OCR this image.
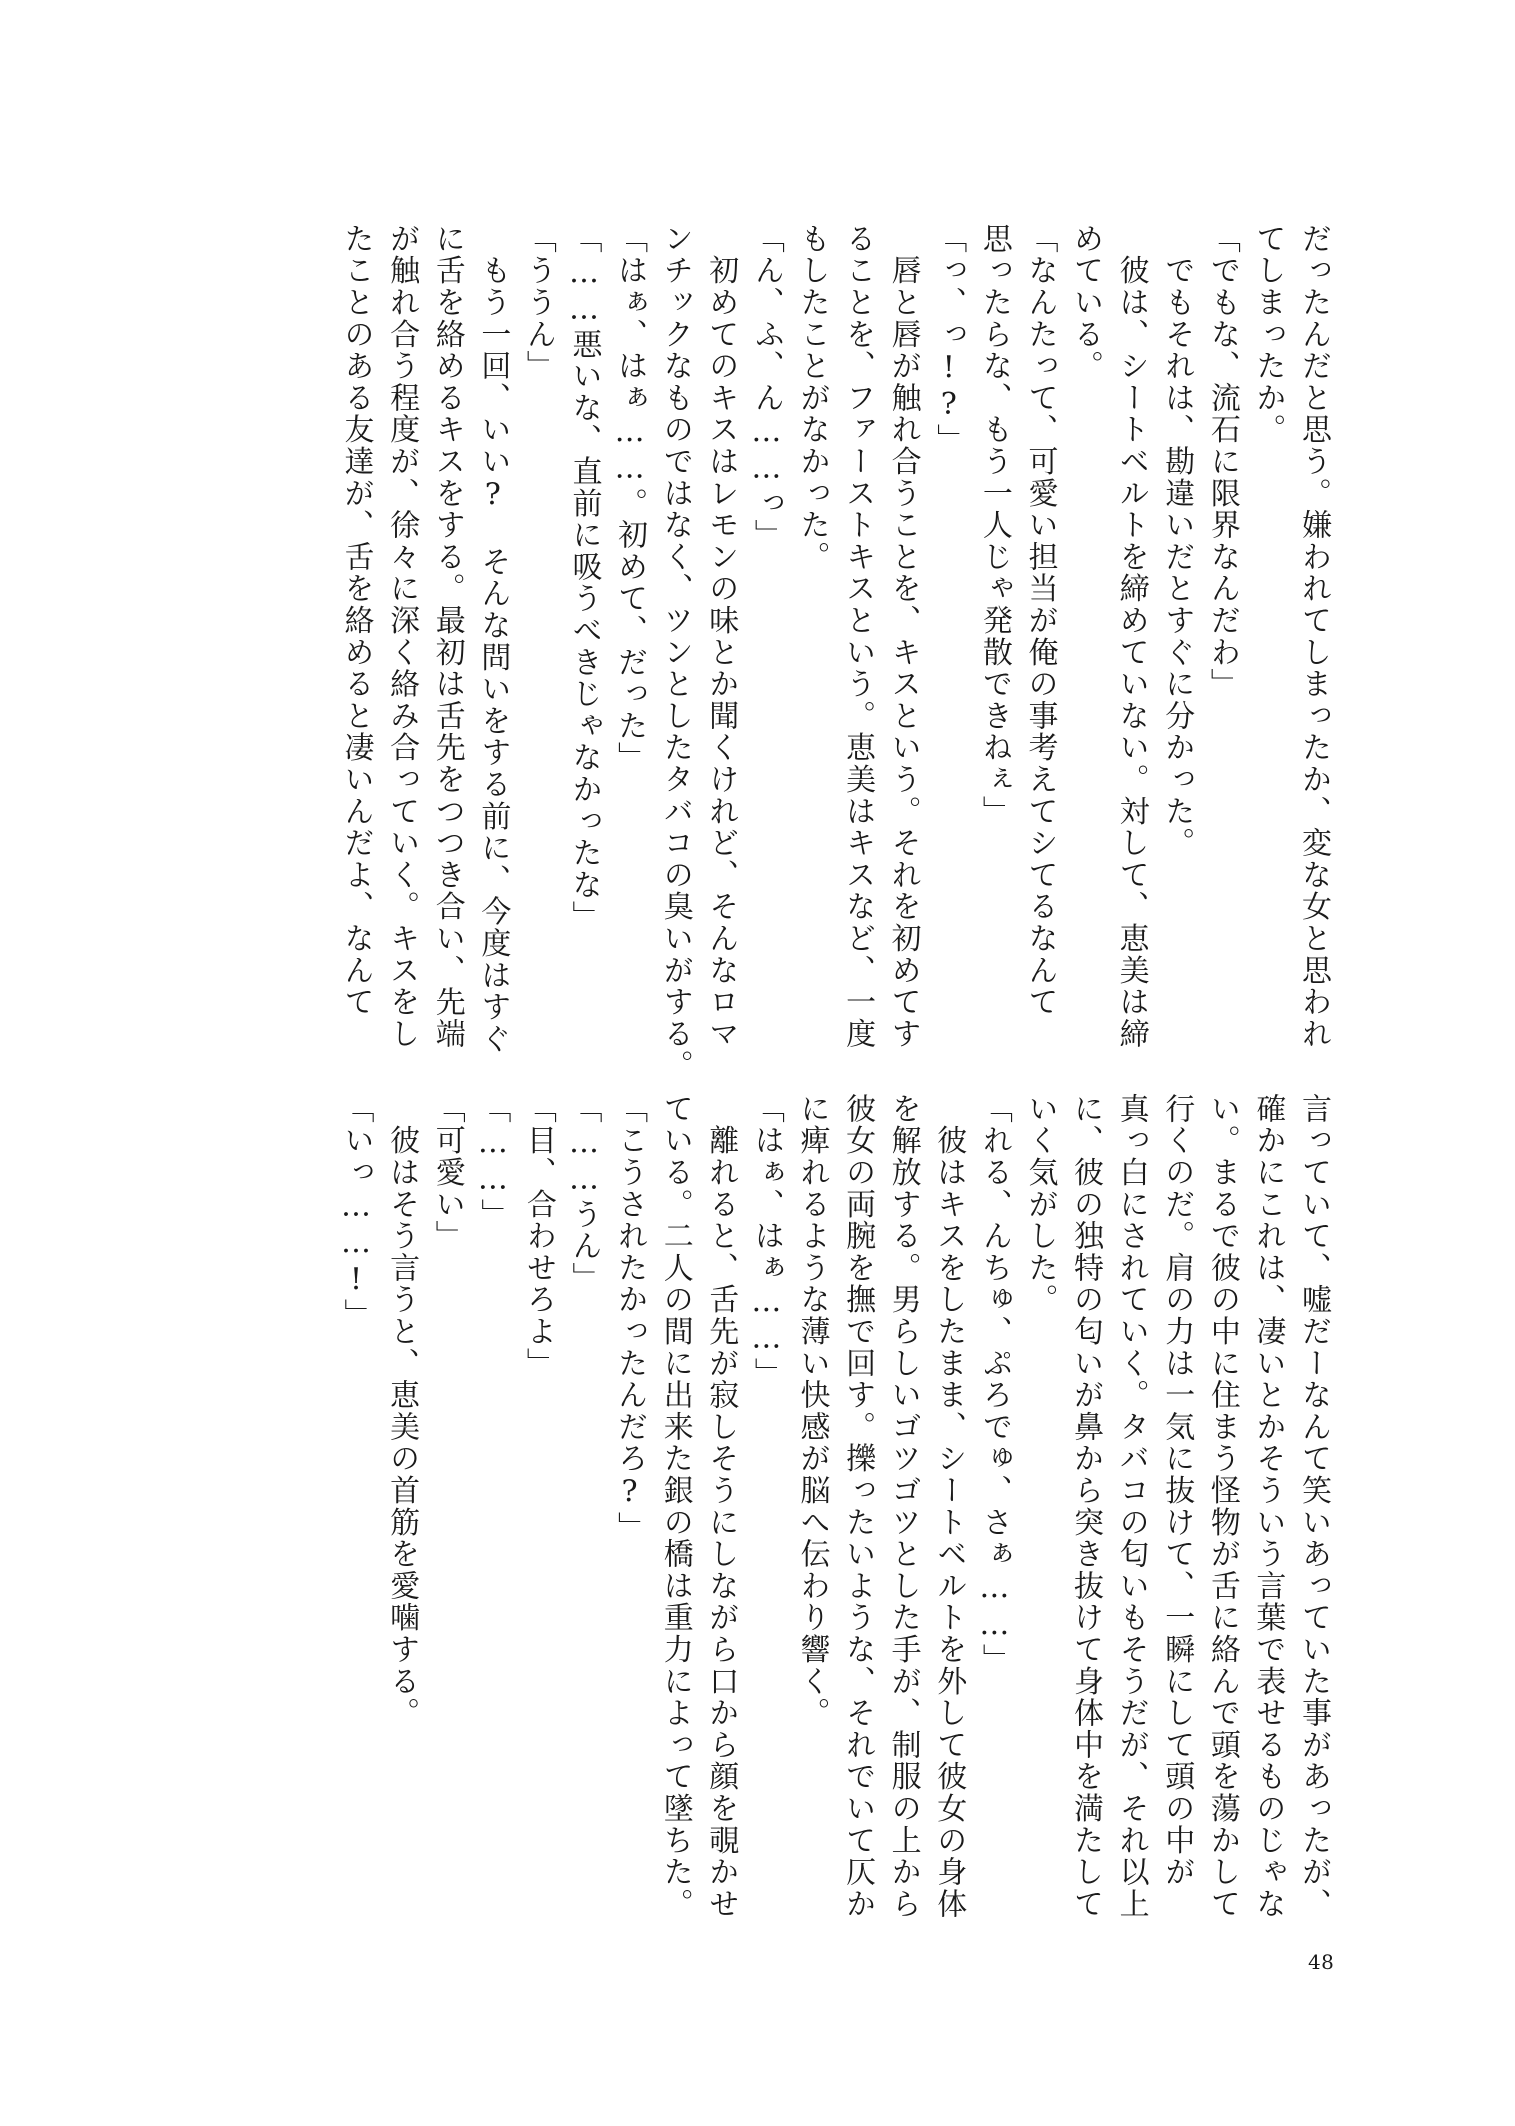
だったんだと思う。嫌われてしまったか、変な女と思われ
てしまったか。
「でもな、流石に限界なんだわ」
　でもそれは、勘違いだとすぐに分かった。
　彼は、シートベルトを締めていない。対して、恵美は締
めている。
「なんたって、可愛い担当が俺の事考えてシてるなんて
思ったらな、もう一人じゃ発散できねぇ」
「っ、っ!?」
　唇と唇が触れ合うことを、キスという。それを初めてす
ることを、ファーストキスという。恵美はキスなど、一度
もしたことがなかった。
「ん、ふ、ん……っ」
　初めてのキスはレモンの味とか聞くけれど、そんなロマ
ンチックなものではなく、ツンとしたタバコの臭いがする。
「はぁ、はぁ……。初めて、だった」
「……悪いな、直前に吸うべきじゃなかったな」
「ううん」
　もう一回、いい?　そんな問いをする前に、今度はすぐ
に舌を絡めるキスをする。最初は舌先をつつき合い、先端
が触れ合う程度が、徐々に深く絡み合っていく。キスをし
たことのある友達が、舌を絡めると凄いんだよ、なんて
言っていて、嘘だーなんて笑いあっていた事があったが、
確かにこれは、凄いとかそういう言葉で表せるものじゃな
い。まるで彼の中に住まう怪物が舌に絡んで頭を蕩かして
行くのだ。肩の力は一気に抜けて、一瞬にして頭の中が
真っ白にされていく。タバコの匂いもそうだが、それ以上
に、彼の独特の匂いが鼻から突き抜けて身体中を満たして
いく気がした。
「れる、んちゅ、ぷろでゅ、さぁ……」
　彼はキスをしたまま、シートベルトを外して彼女の身体
を解放する。男らしいゴツゴツとした手が、制服の上から
彼女の両腕を撫で回す。擽ったいような、それでいて仄か
に痺れるような薄い快感が脳へ伝わり響く。
「はぁ、はぁ……」
　離れると、舌先が寂しそうにしながら口から顔を覗かせ
ている。二人の間に出来た銀の橋は重力によって墜ちた。
「こうされたかったんだろ?」
「……うん」
「目、合わせろよ」
「……」
「可愛い」
　彼はそう言うと、恵美の首筋を愛噛する。
「いっ……!」
48
